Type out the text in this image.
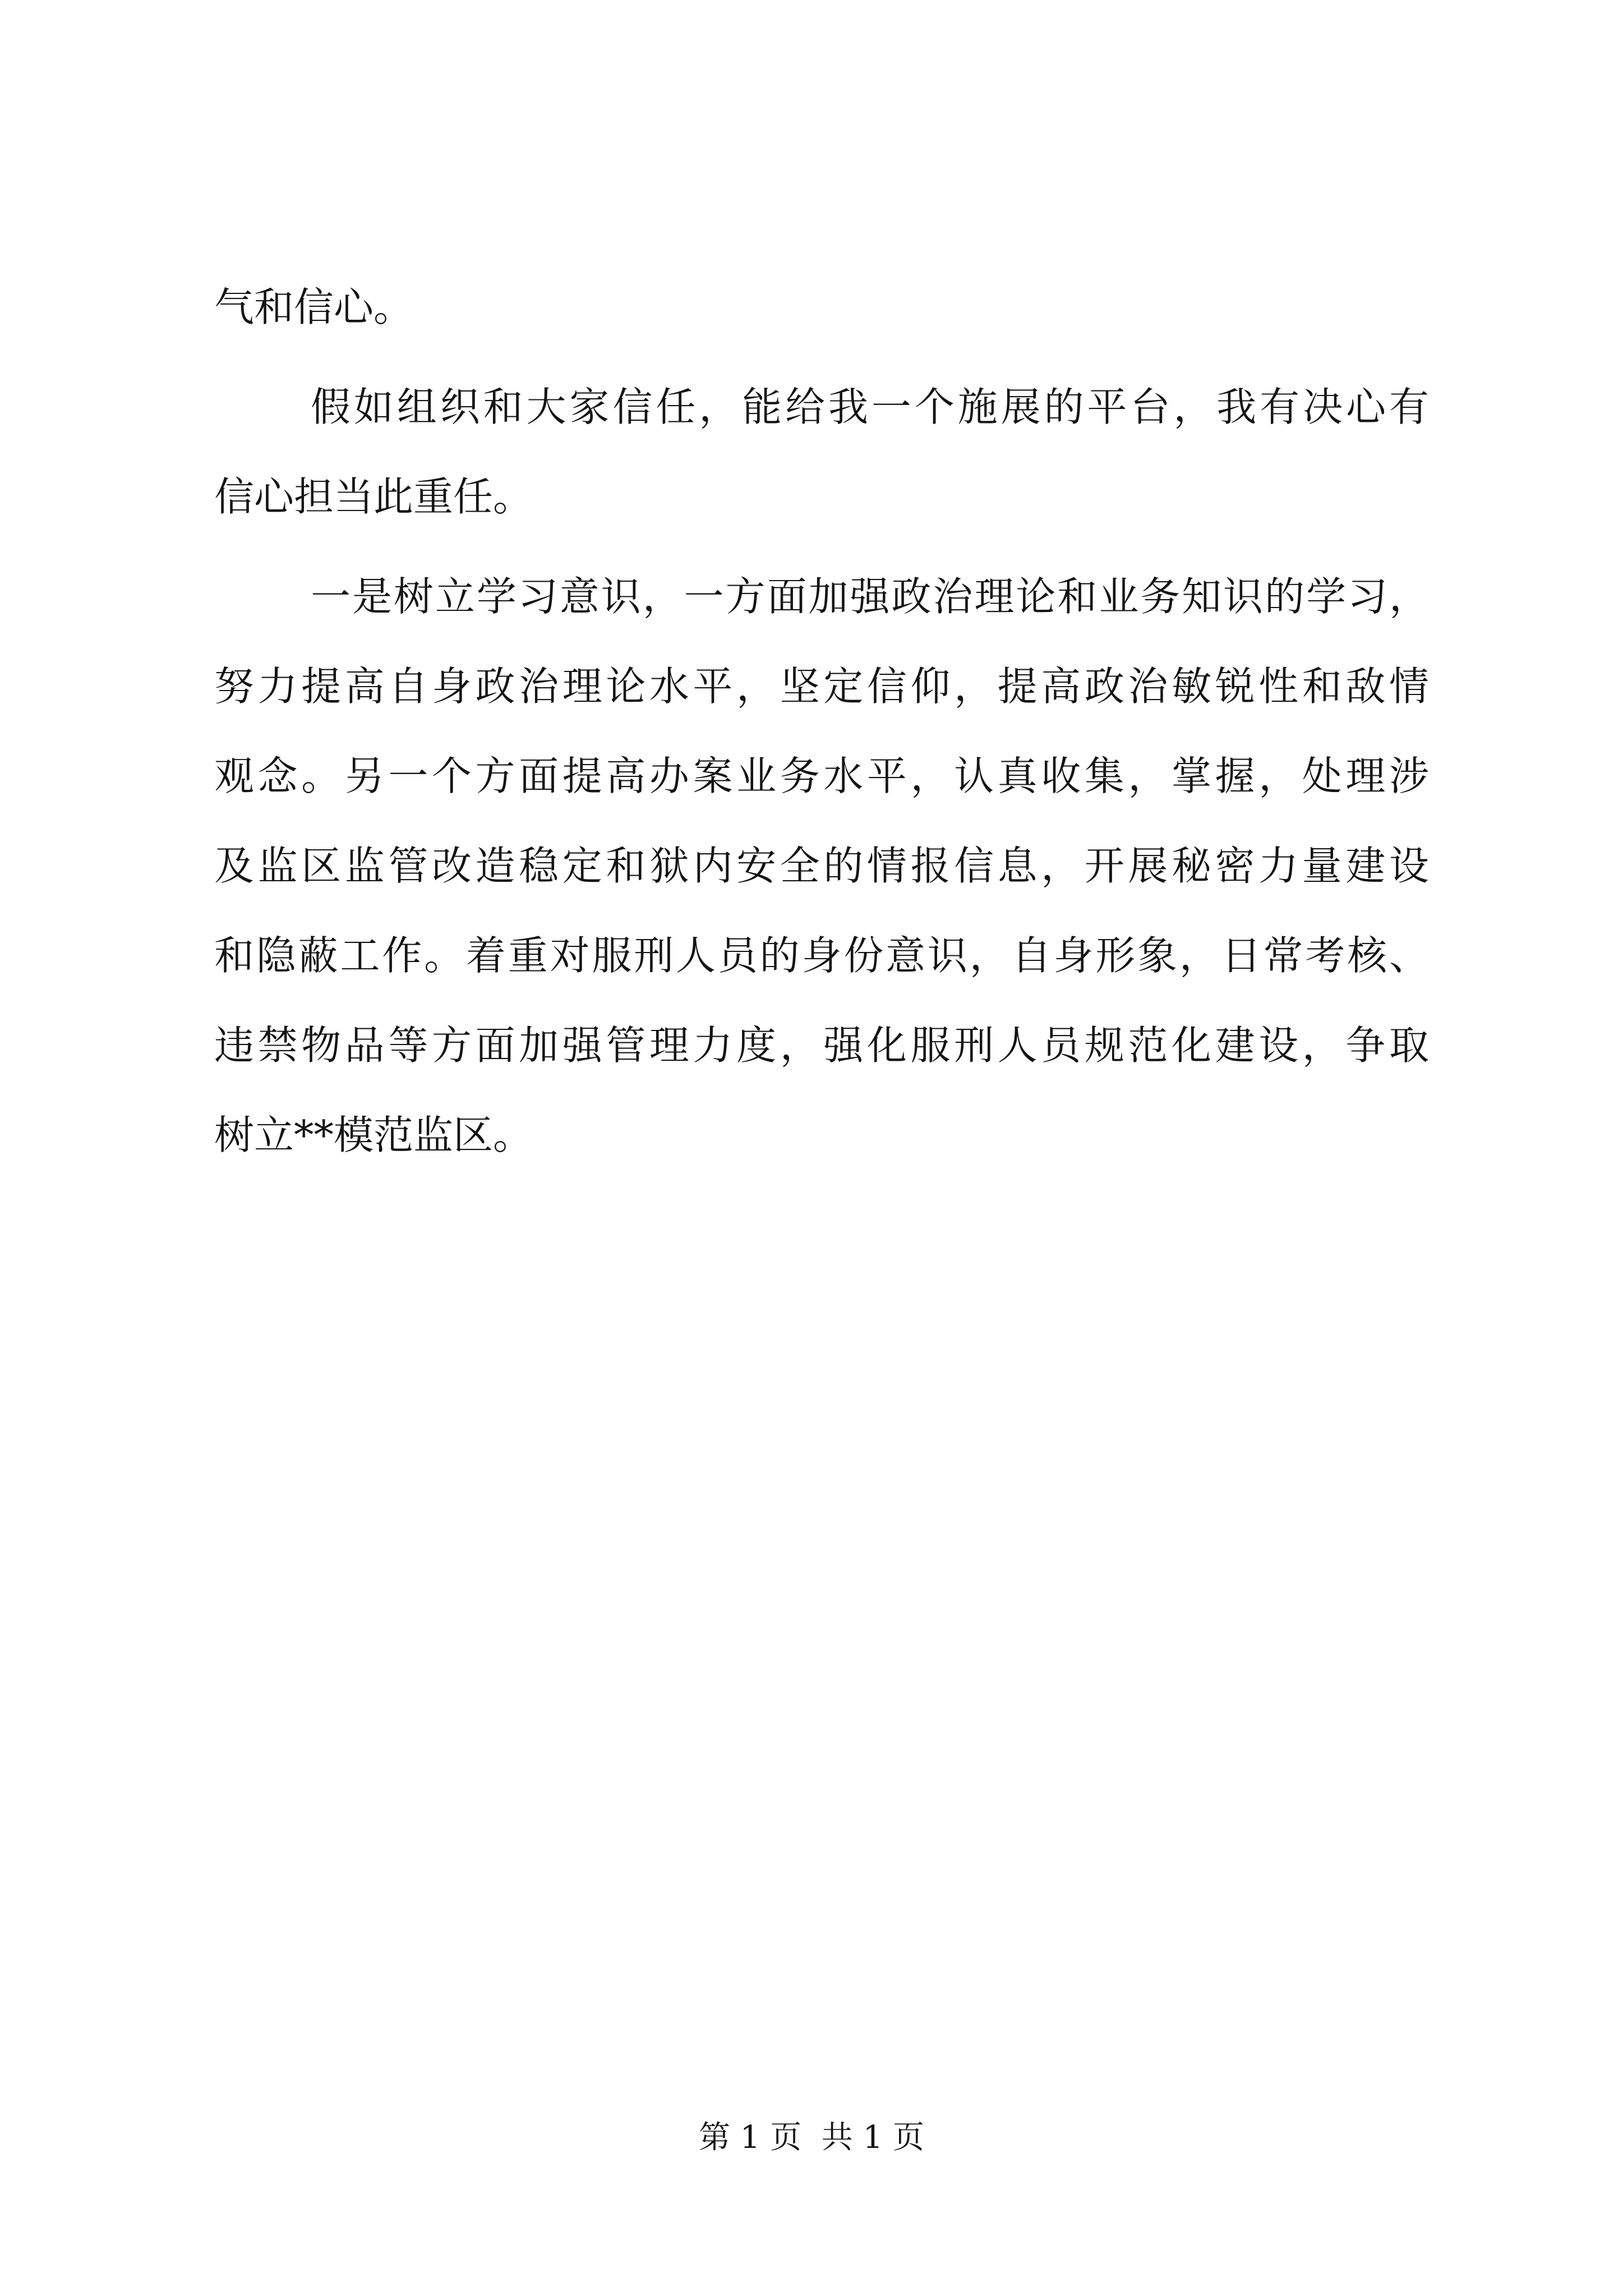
气和信心。
假如组织和大家信任，能给我一个施展的平台，我有决心有
信心担当此重任。
一是树立学习意识，一方面加强政治理论和业务知识的学习，
努力提高自身政治理论水平，坚定信仰，提高政治敏锐性和敌情
观念。另一个方面提高办案业务水平，认真收集，掌握，处理涉
及监区监管改造稳定和狱内安全的情报信息，开展秘密力量建设
和隐蔽工作。着重对服刑人员的身份意识，自身形象，日常考核、
违禁物品等方面加强管理力度，强化服刑人员规范化建设，争取
树立**模范监区。
第 1 页  共 1 页
